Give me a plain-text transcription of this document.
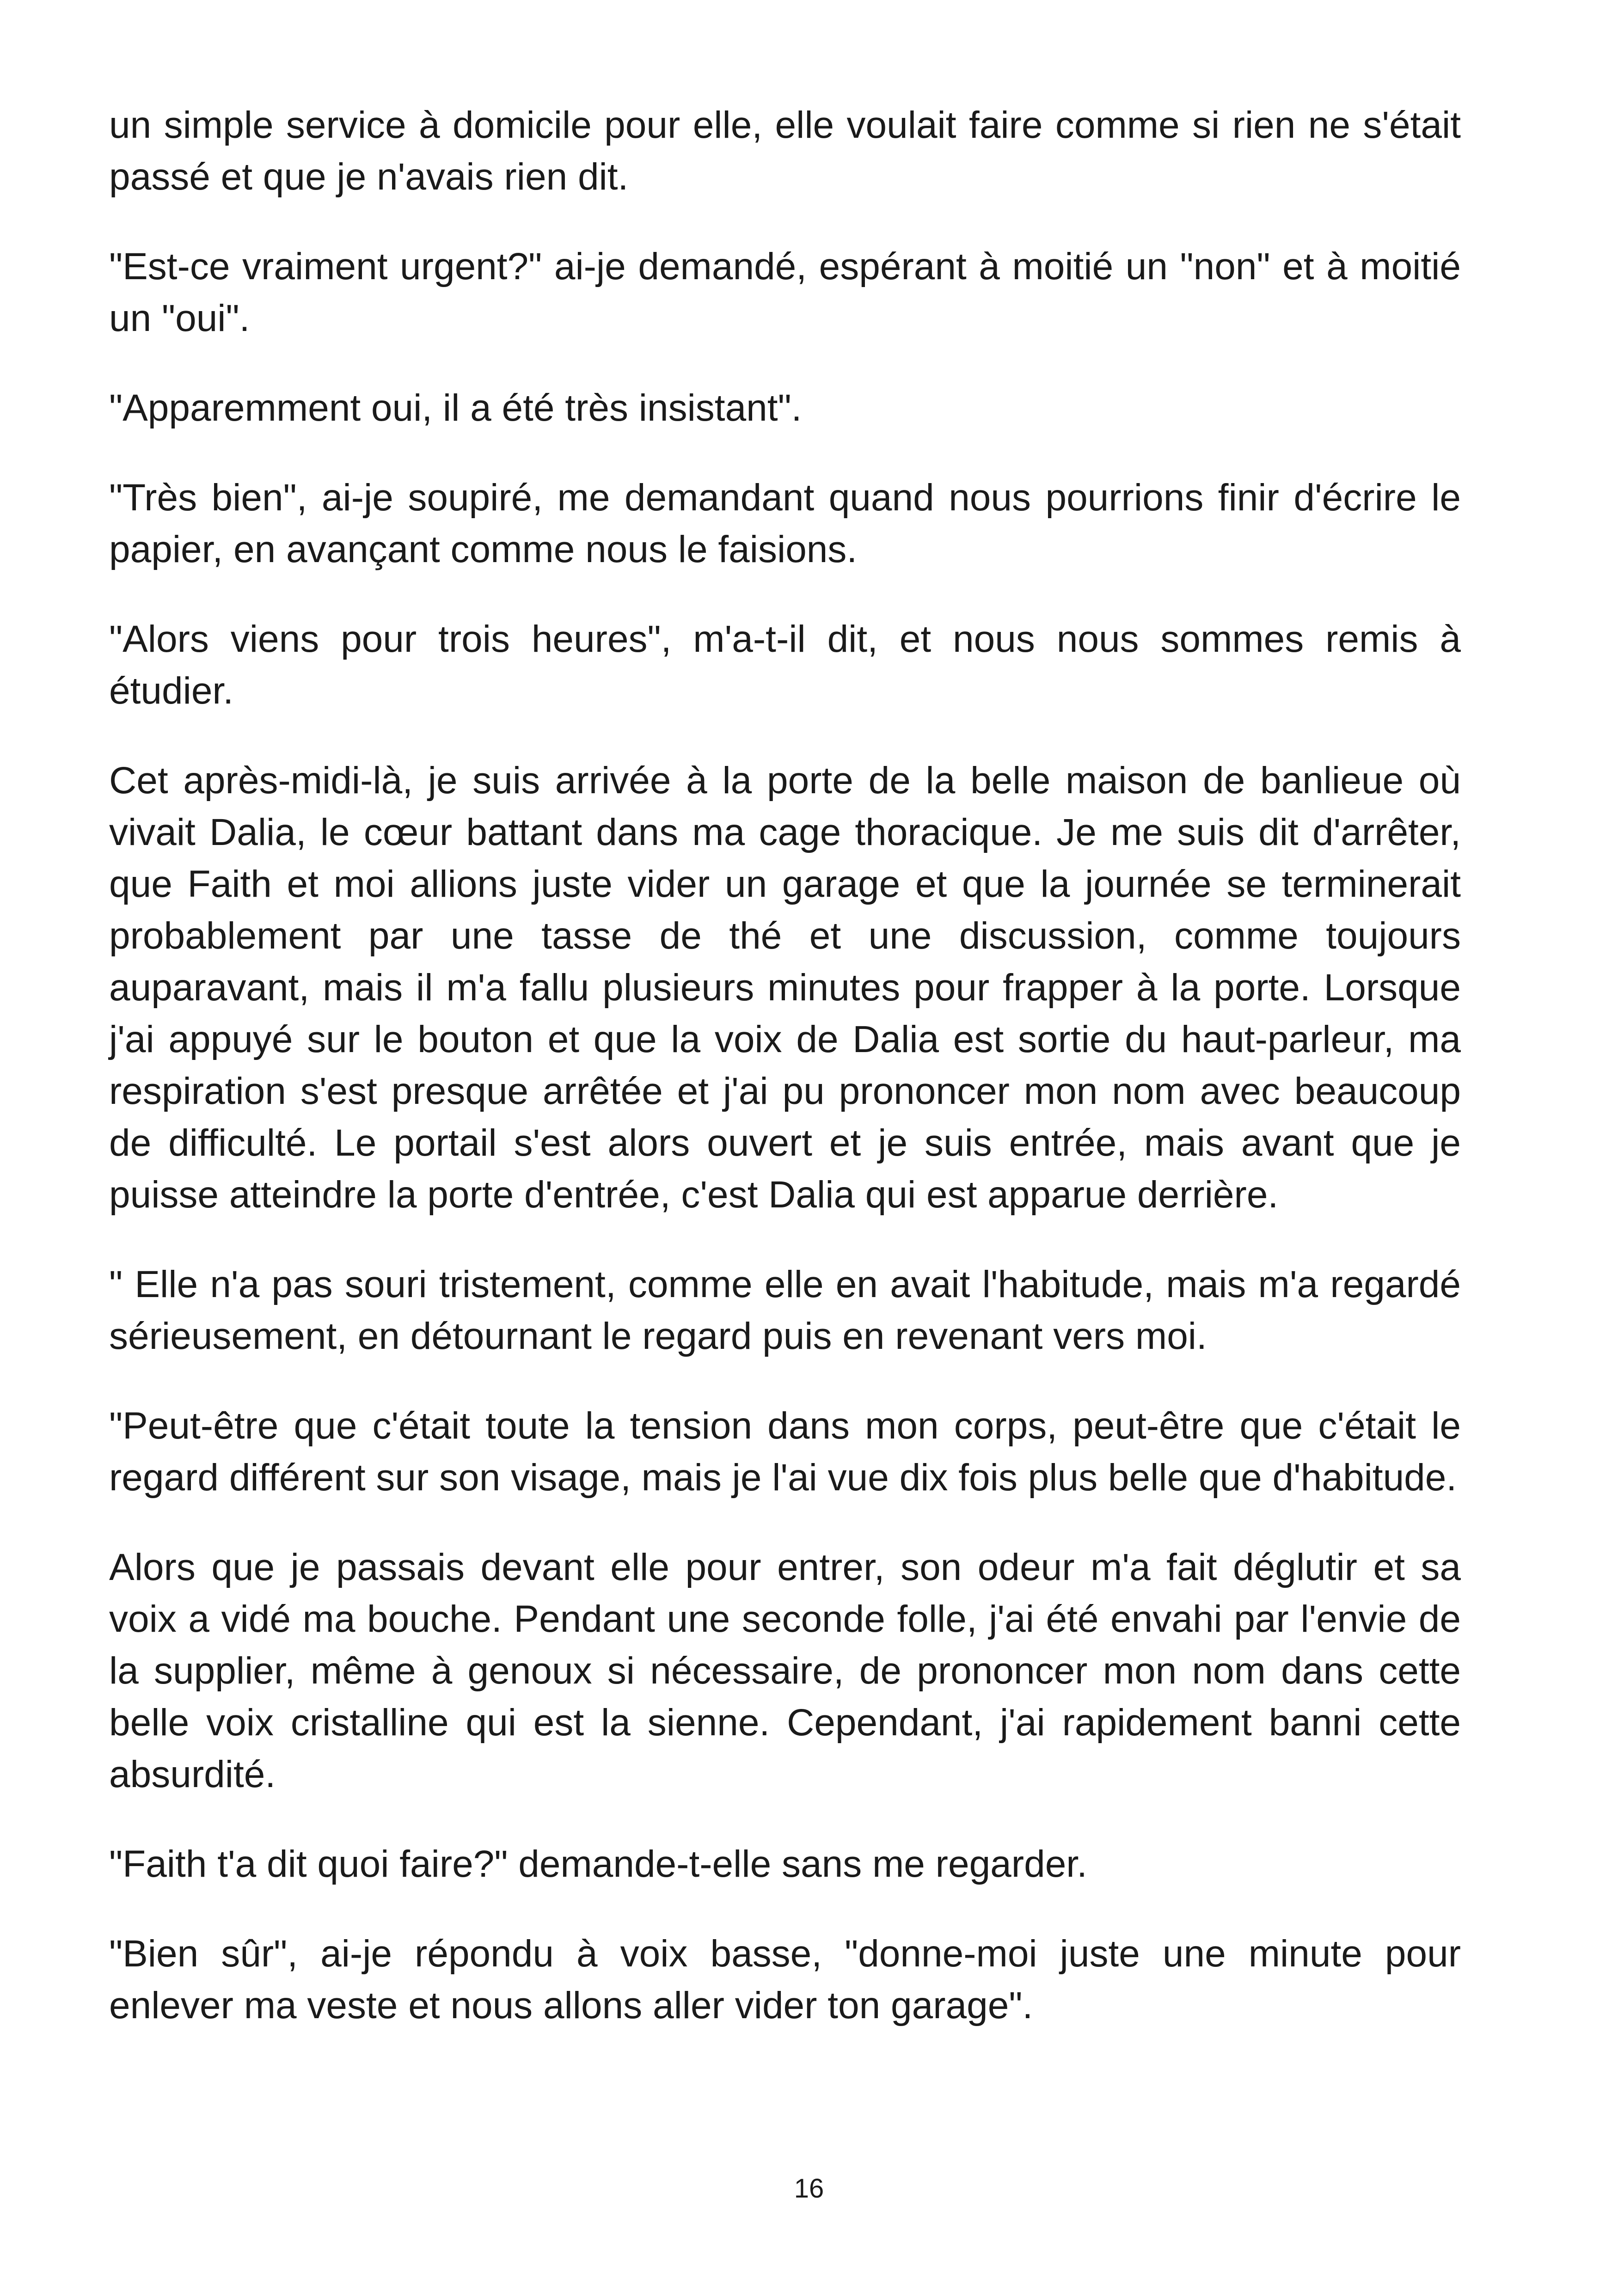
un simple service à domicile pour elle, elle voulait faire comme si rien ne s'était passé et que je n'avais rien dit.

"Est-ce vraiment urgent?" ai-je demandé, espérant à moitié un "non" et à moitié un "oui".

"Apparemment oui, il a été très insistant".

"Très bien", ai-je soupiré, me demandant quand nous pourrions finir d'écrire le papier, en avançant comme nous le faisions.

"Alors viens pour trois heures", m'a-t-il dit, et nous nous sommes remis à étudier.

Cet après-midi-là, je suis arrivée à la porte de la belle maison de banlieue où vivait Dalia, le cœur battant dans ma cage thoracique. Je me suis dit d'arrêter, que Faith et moi allions juste vider un garage et que la journée se terminerait probablement par une tasse de thé et une discussion, comme toujours auparavant, mais il m'a fallu plusieurs minutes pour frapper à la porte. Lorsque j'ai appuyé sur le bouton et que la voix de Dalia est sortie du haut-parleur, ma respiration s'est presque arrêtée et j'ai pu prononcer mon nom avec beaucoup de difficulté. Le portail s'est alors ouvert et je suis entrée, mais avant que je puisse atteindre la porte d'entrée, c'est Dalia qui est apparue derrière.

" Elle n'a pas souri tristement, comme elle en avait l'habitude, mais m'a regardé sérieusement, en détournant le regard puis en revenant vers moi.

"Peut-être que c'était toute la tension dans mon corps, peut-être que c'était le regard différent sur son visage, mais je l'ai vue dix fois plus belle que d'habitude.

Alors que je passais devant elle pour entrer, son odeur m'a fait déglutir et sa voix a vidé ma bouche. Pendant une seconde folle, j'ai été envahi par l'envie de la supplier, même à genoux si nécessaire, de prononcer mon nom dans cette belle voix cristalline qui est la sienne. Cependant, j'ai rapidement banni cette absurdité.

"Faith t'a dit quoi faire?" demande-t-elle sans me regarder.

"Bien sûr", ai-je répondu à voix basse, "donne-moi juste une minute pour enlever ma veste et nous allons aller vider ton garage".

16
